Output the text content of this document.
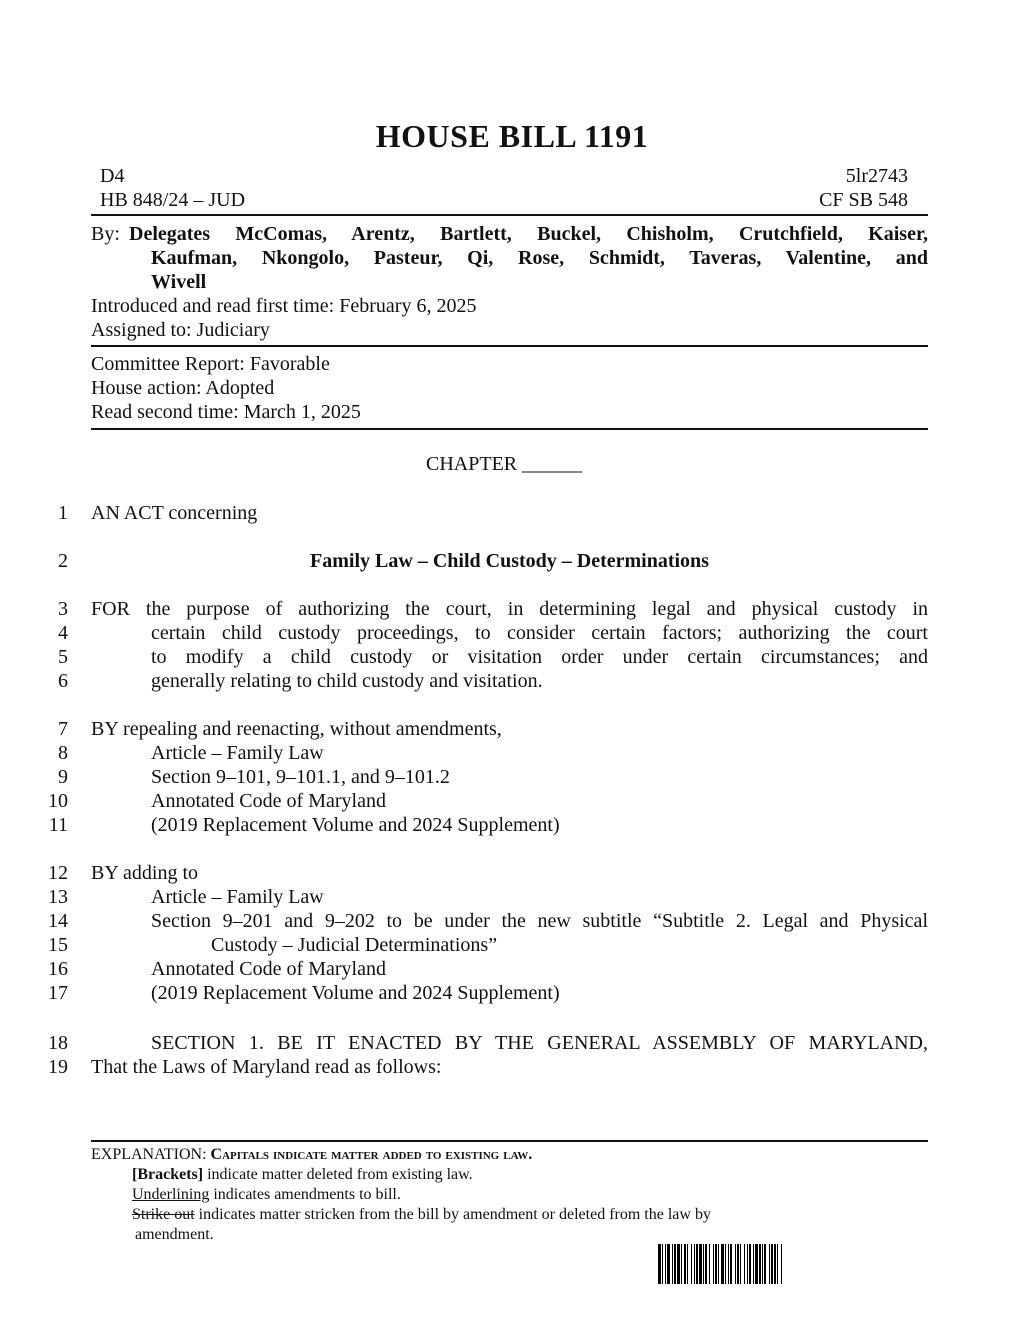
HOUSE BILL 1191
D4	5lr2743
HB 848/24 – JUD	CF SB 548
By: Delegates McComas, Arentz, Bartlett, Buckel, Chisholm, Crutchfield, Kaiser,
Kaufman, Nkongolo, Pasteur, Qi, Rose, Schmidt, Taveras, Valentine, and
Wivell
Introduced and read first time: February 6, 2025
Assigned to: Judiciary
Committee Report: Favorable
House action: Adopted
Read second time: March 1, 2025
CHAPTER ______
1 AN ACT concerning
2	Family Law – Child Custody – Determinations
3 FOR the purpose of authorizing the court, in determining legal and physical custody in
4	certain child custody proceedings, to consider certain factors; authorizing the court
5	to modify a child custody or visitation order under certain circumstances; and
6	generally relating to child custody and visitation.
7 BY repealing and reenacting, without amendments,
8	Article – Family Law
9	Section 9–101, 9–101.1, and 9–101.2
10	Annotated Code of Maryland
11	(2019 Replacement Volume and 2024 Supplement)
12 BY adding to
13	Article – Family Law
14	Section 9–201 and 9–202 to be under the new subtitle “Subtitle 2. Legal and Physical
15	Custody – Judicial Determinations”
16	Annotated Code of Maryland
17	(2019 Replacement Volume and 2024 Supplement)
18	SECTION 1. BE IT ENACTED BY THE GENERAL ASSEMBLY OF MARYLAND,
19 That the Laws of Maryland read as follows:
EXPLANATION: Capitals indicate matter added to existing law.
[Brackets] indicate matter deleted from existing law.
Underlining indicates amendments to bill.
Strike out indicates matter stricken from the bill by amendment or deleted from the law by
amendment.
